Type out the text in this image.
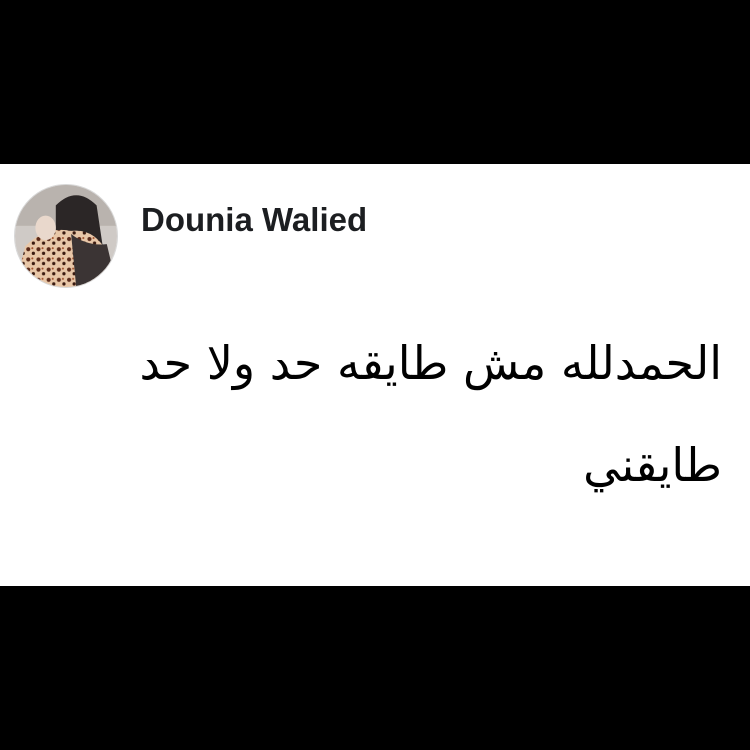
Dounia Walied
الحمدلله مش طايقه حد ولا حد
طايقني
